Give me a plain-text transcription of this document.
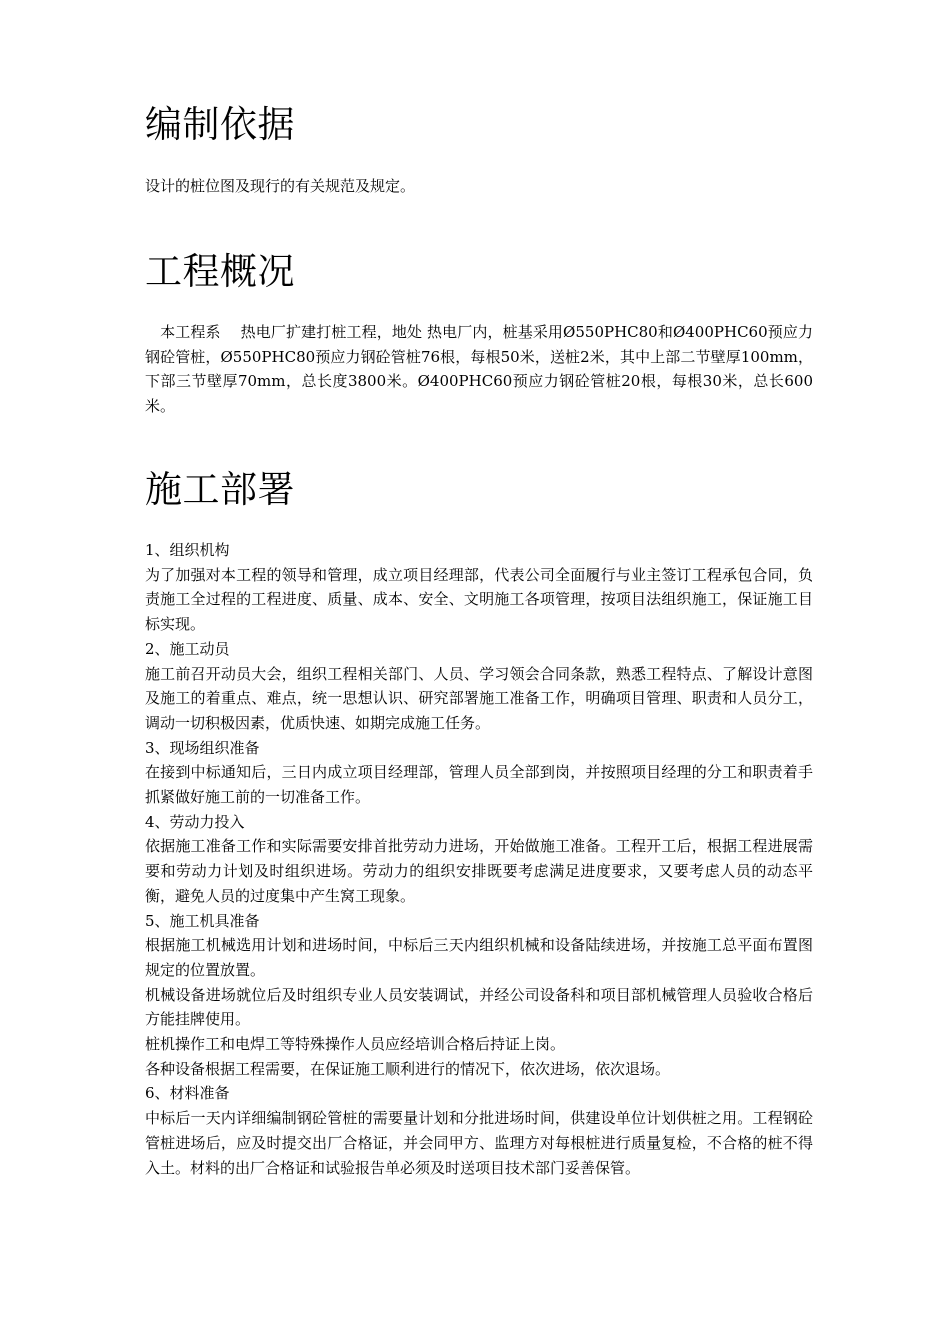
编制依据

设计的桩位图及现行的有关规范及规定。

工程概况

　本工程系　 热电厂扩建打桩工程，地处 热电厂内，桩基采用Ø550PHC80和Ø400PHC60预应力钢砼管桩，Ø550PHC80预应力钢砼管桩76根，每根50米，送桩2米，其中上部二节壁厚100mm，下部三节壁厚70mm，总长度3800米。Ø400PHC60预应力钢砼管桩20根，每根30米，总长600米。

施工部署
1、组织机构

为了加强对本工程的领导和管理，成立项目经理部，代表公司全面履行与业主签订工程承包合同，负责施工全过程的工程进度、质量、成本、安全、文明施工各项管理，按项目法组织施工，保证施工目标实现。

2、施工动员

施工前召开动员大会，组织工程相关部门、人员、学习领会合同条款，熟悉工程特点、了解设计意图及施工的着重点、难点，统一思想认识、研究部署施工准备工作，明确项目管理、职责和人员分工，调动一切积极因素，优质快速、如期完成施工任务。

3、现场组织准备

在接到中标通知后，三日内成立项目经理部，管理人员全部到岗，并按照项目经理的分工和职责着手抓紧做好施工前的一切准备工作。

4、劳动力投入

依据施工准备工作和实际需要安排首批劳动力进场，开始做施工准备。工程开工后，根据工程进展需要和劳动力计划及时组织进场。劳动力的组织安排既要考虑满足进度要求，又要考虑人员的动态平衡，避免人员的过度集中产生窝工现象。

5、施工机具准备

根据施工机械选用计划和进场时间，中标后三天内组织机械和设备陆续进场，并按施工总平面布置图规定的位置放置。

机械设备进场就位后及时组织专业人员安装调试，并经公司设备科和项目部机械管理人员验收合格后方能挂牌使用。

桩机操作工和电焊工等特殊操作人员应经培训合格后持证上岗。

各种设备根据工程需要，在保证施工顺利进行的情况下，依次进场，依次退场。

6、材料准备

中标后一天内详细编制钢砼管桩的需要量计划和分批进场时间，供建设单位计划供桩之用。工程钢砼管桩进场后，应及时提交出厂合格证，并会同甲方、监理方对每根桩进行质量复检，不合格的桩不得入土。材料的出厂合格证和试验报告单必须及时送项目技术部门妥善保管。
